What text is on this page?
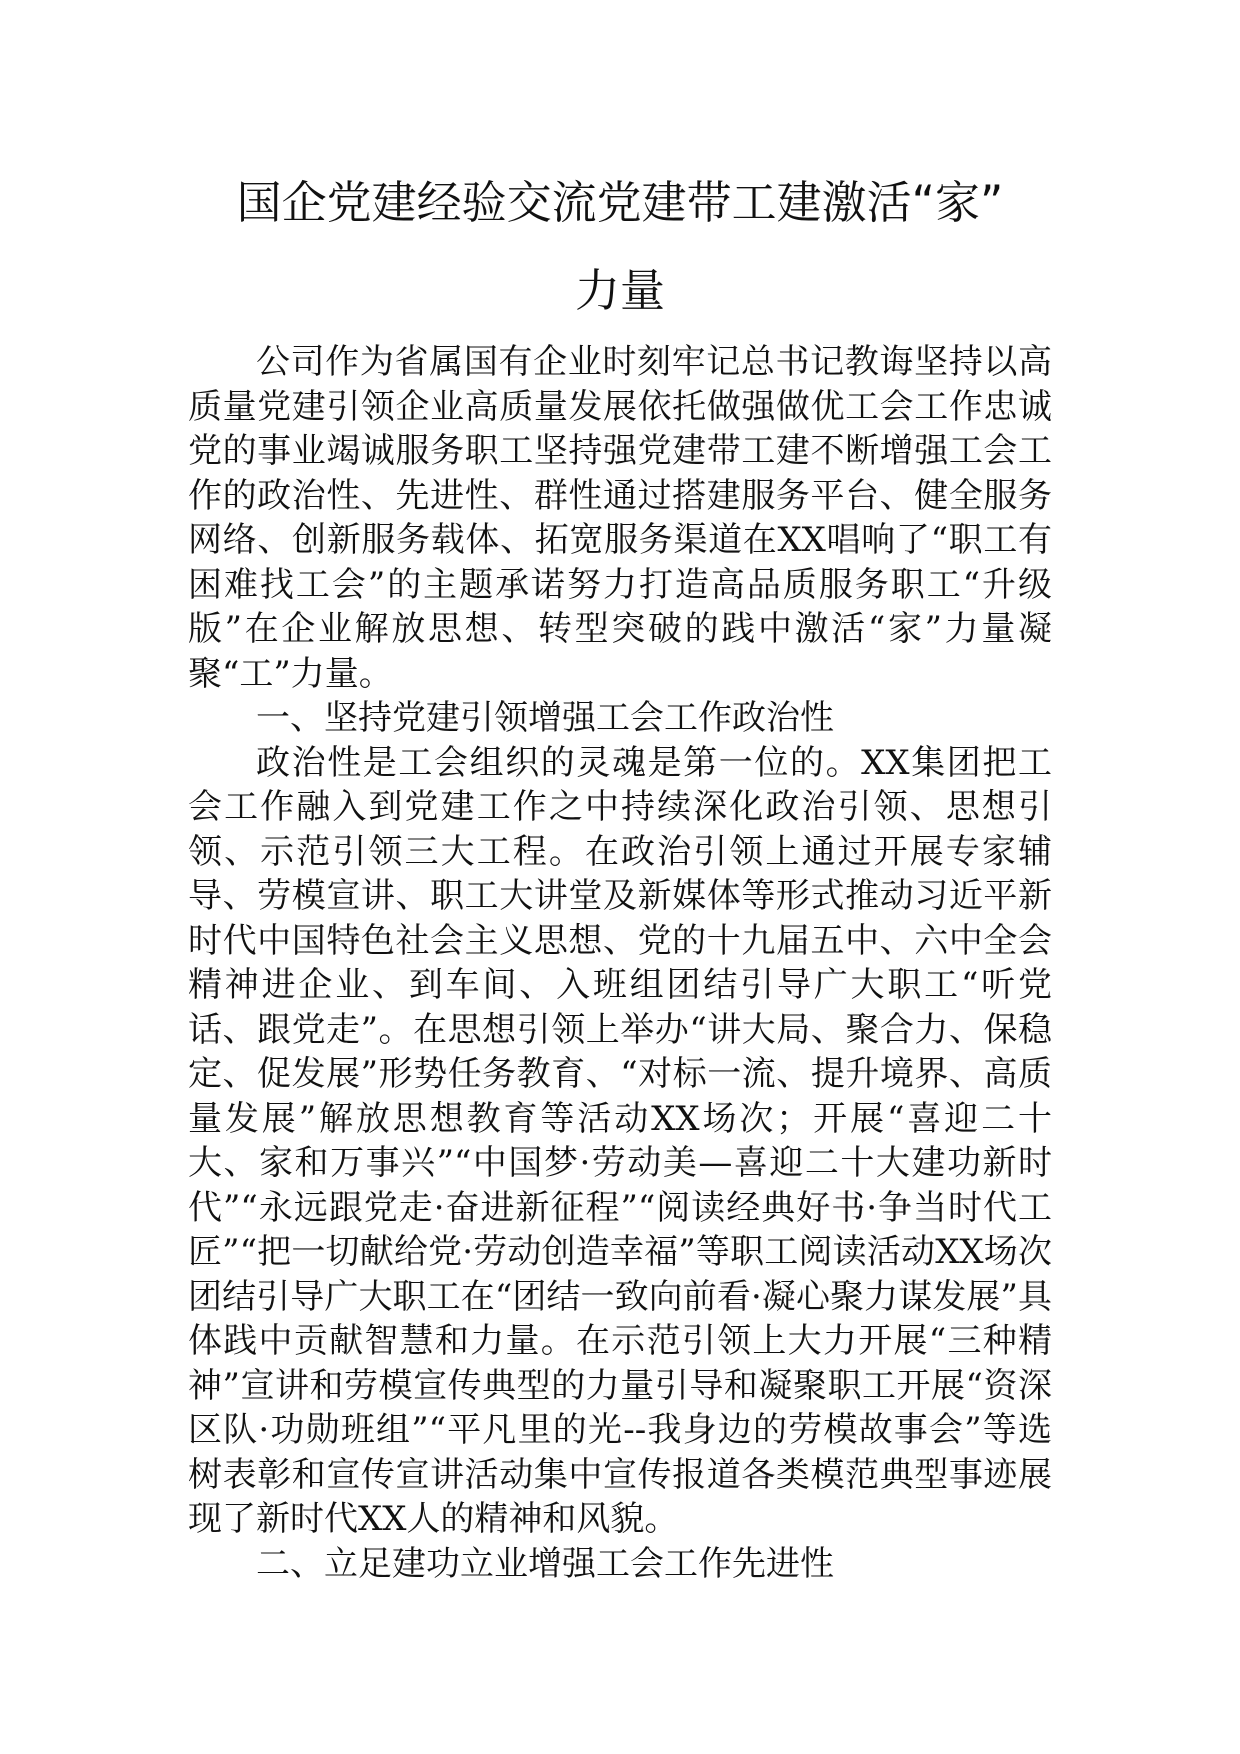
国企党建经验交流党建带工建激活“家”
力量

公司作为省属国有企业时刻牢记总书记教诲坚持以高质量党建引领企业高质量发展依托做强做优工会工作忠诚党的事业竭诚服务职工坚持强党建带工建不断增强工会工作的政治性、先进性、群性通过搭建服务平台、健全服务网络、创新服务载体、拓宽服务渠道在XX唱响了“职工有困难找工会”的主题承诺努力打造高品质服务职工“升级版”在企业解放思想、转型突破的践中激活“家”力量凝聚“工”力量。

一、坚持党建引领增强工会工作政治性

政治性是工会组织的灵魂是第一位的。XX集团把工会工作融入到党建工作之中持续深化政治引领、思想引领、示范引领三大工程。在政治引领上通过开展专家辅导、劳模宣讲、职工大讲堂及新媒体等形式推动习近平新时代中国特色社会主义思想、党的十九届五中、六中全会精神进企业、到车间、入班组团结引导广大职工“听党话、跟党走”。在思想引领上举办“讲大局、聚合力、保稳定、促发展”形势任务教育、“对标一流、提升境界、高质量发展”解放思想教育等活动XX场次；开展“喜迎二十大、家和万事兴”“中国梦·劳动美—喜迎二十大建功新时代”“永远跟党走·奋进新征程”“阅读经典好书·争当时代工匠”“把一切献给党·劳动创造幸福”等职工阅读活动XX场次团结引导广大职工在“团结一致向前看·凝心聚力谋发展”具体践中贡献智慧和力量。在示范引领上大力开展“三种精神”宣讲和劳模宣传典型的力量引导和凝聚职工开展“资深区队·功勋班组”“平凡里的光--我身边的劳模故事会”等选树表彰和宣传宣讲活动集中宣传报道各类模范典型事迹展现了新时代XX人的精神和风貌。

二、立足建功立业增强工会工作先进性
